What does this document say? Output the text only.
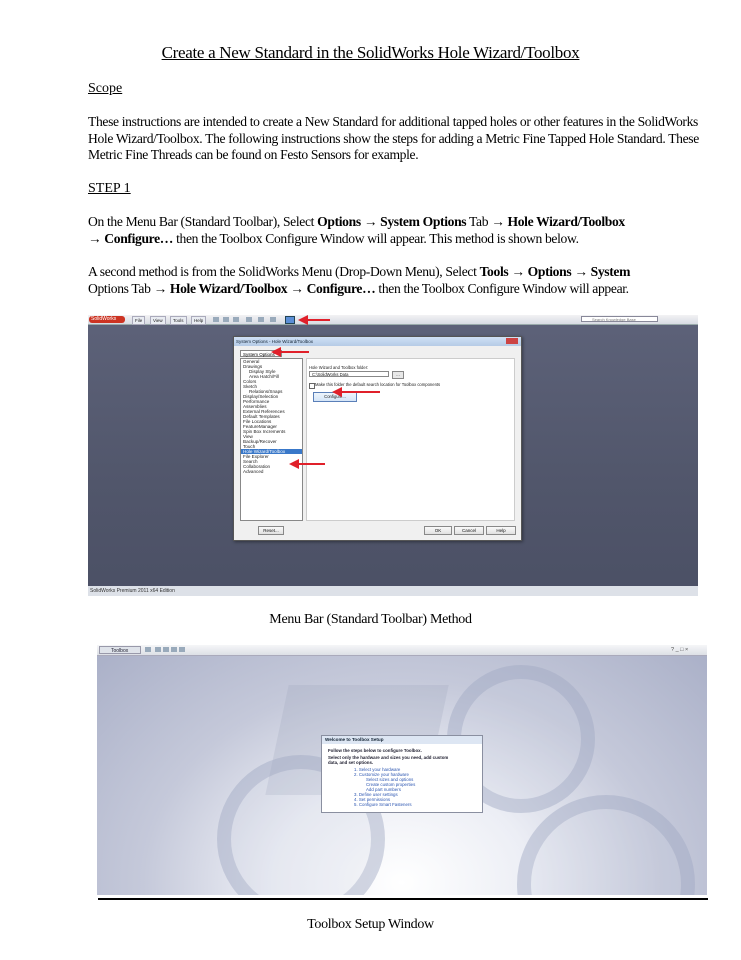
Create a New Standard in the SolidWorks Hole Wizard/Toolbox
Scope
These instructions are intended to create a New Standard for additional tapped holes or other features in the SolidWorks Hole Wizard/Toolbox. The following instructions show the steps for adding a Metric Fine Tapped Hole Standard. These Metric Fine Threads can be found on Festo Sensors for example.
STEP 1
On the Menu Bar (Standard Toolbar), Select Options → System Options Tab → Hole Wizard/Toolbox
→ Configure… then the Toolbox Configure Window will appear. This method is shown below.
A second method is from the SolidWorks Menu (Drop-Down Menu), Select Tools → Options → System
Options Tab → Hole Wizard/Toolbox → Configure… then the Toolbox Configure Window will appear.
SolidWorks	File	View	Tools	Help	Search Knowledge Base
System Options - Hole Wizard/Toolbox
System Options
General
Drawings
Display Style
Area Hatch/Fill
Colors
Sketch
Relations/Snaps
Display/Selection
Performance
Assemblies
External References
Default Templates
File Locations
FeatureManager
Spin Box Increments
View
Backup/Recover
Touch
Hole Wizard/Toolbox
File Explorer
Search
Collaboration
Advanced
Hole Wizard and Toolbox folder:
C:\SolidWorks Data	...
Make this folder the default search location for Toolbox components
Configure...
Reset...	OK	Cancel	Help
SolidWorks Premium 2011 x64 Edition
Menu Bar (Standard Toolbar) Method
Toolbox	? _ □ ×
Welcome to Toolbox Setup
Follow the steps below to configure Toolbox.
Select only the hardware and sizes you need, add custom
data, and set options.
1. Select your hardware
2. Customize your hardware
Select sizes and options
Create custom properties
Add part numbers
3. Define user settings
4. Set permissions
5. Configure Smart Fasteners
Toolbox Setup Window
